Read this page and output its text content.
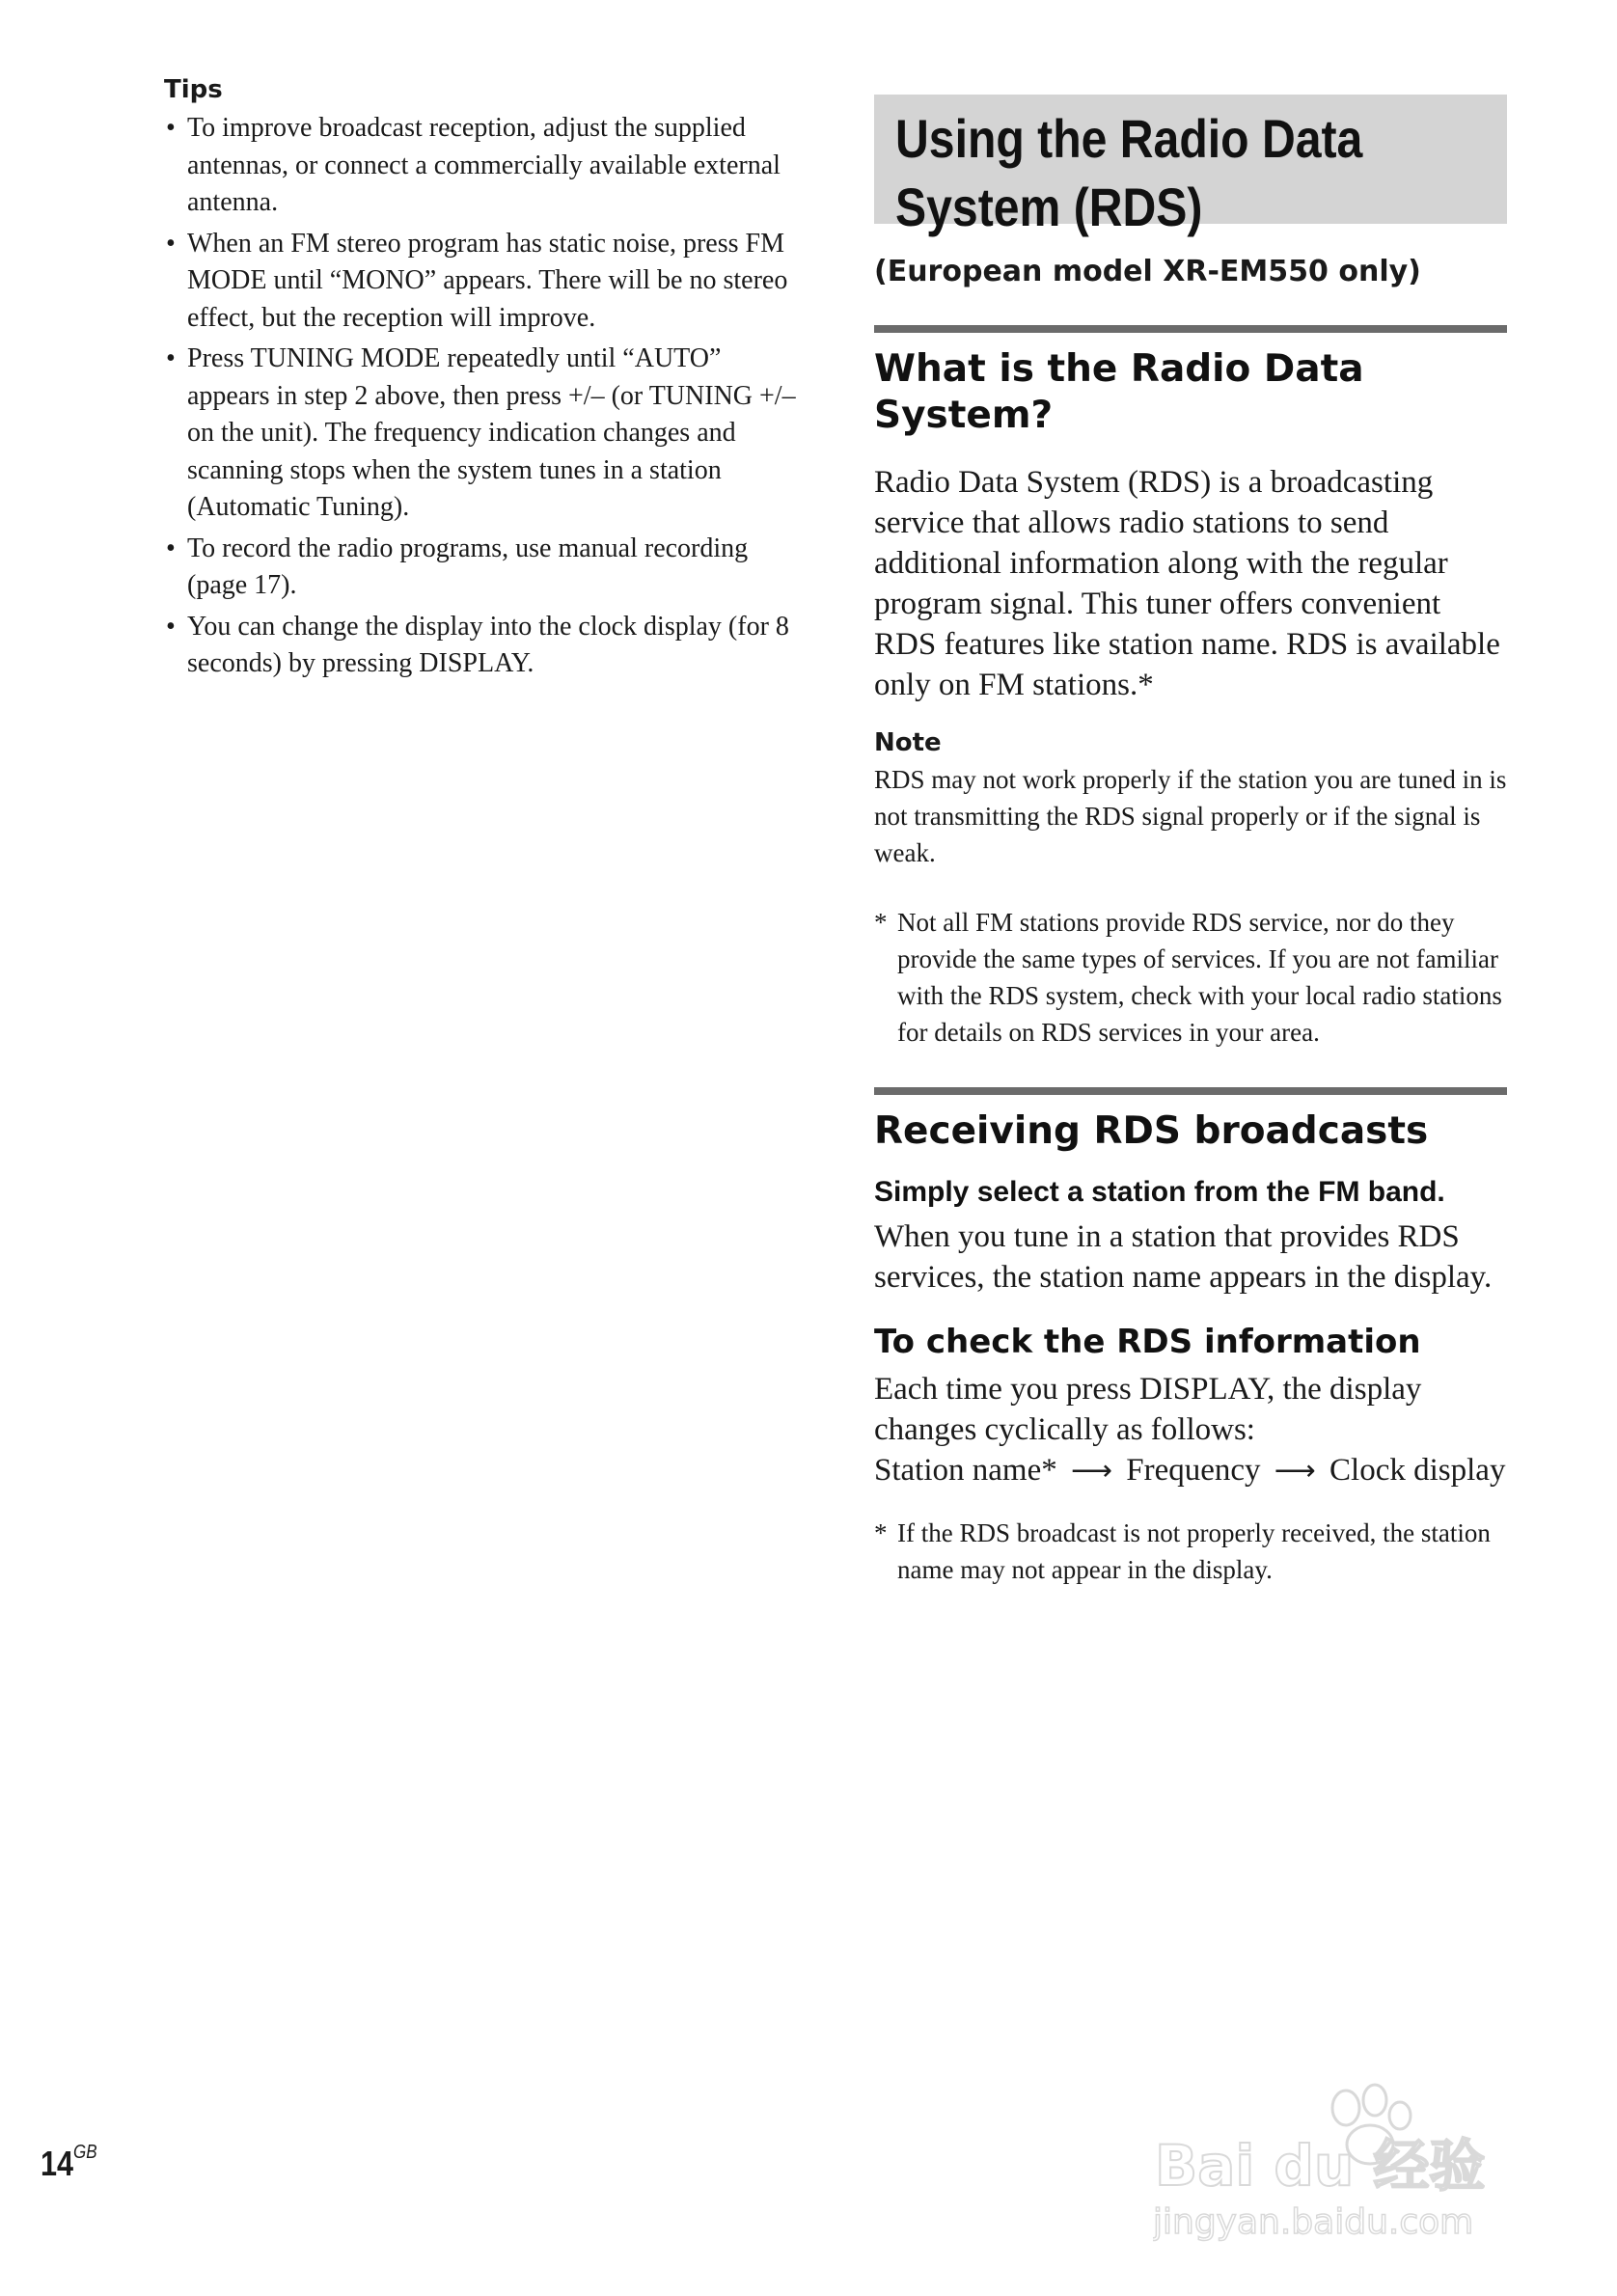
Tips
• To improve broadcast reception, adjust the supplied antennas, or connect a commercially available external antenna.
• When an FM stereo program has static noise, press FM MODE until “MONO” appears. There will be no stereo effect, but the reception will improve.
• Press TUNING MODE repeatedly until “AUTO” appears in step 2 above, then press +/– (or TUNING +/– on the unit). The frequency indication changes and scanning stops when the system tunes in a station (Automatic Tuning).
• To record the radio programs, use manual recording (page 17).
• You can change the display into the clock display (for 8 seconds) by pressing DISPLAY.
Using the Radio Data
System (RDS)

(European model XR-EM550 only)

What is the Radio Data
System?

Radio Data System (RDS) is a broadcasting service that allows radio stations to send additional information along with the regular program signal. This tuner offers convenient RDS features like station name. RDS is available only on FM stations.*

Note

RDS may not work properly if the station you are tuned in is not transmitting the RDS signal properly or if the signal is weak.

* Not all FM stations provide RDS service, nor do they provide the same types of services. If you are not familiar with the RDS system, check with your local radio stations for details on RDS services in your area.

Receiving RDS broadcasts
Simply select a station from the FM band.

When you tune in a station that provides RDS services, the station name appears in the display.

To check the RDS information

Each time you press DISPLAY, the display changes cyclically as follows:

Station name* ⟶ Frequency ⟶ Clock display

* If the RDS broadcast is not properly received, the station name may not appear in the display.

$14^{GB}$	Bai du 经验
jingyan.baidu.com
